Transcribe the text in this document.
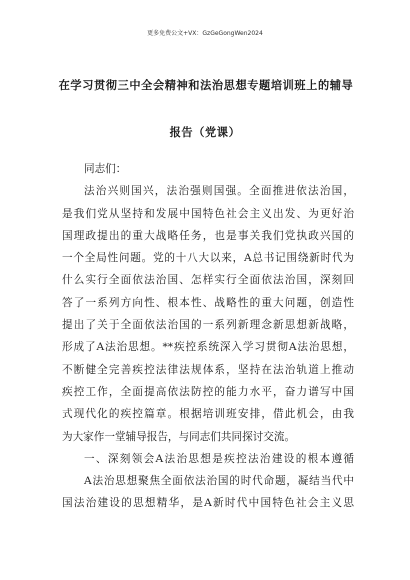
更多免费公文+VX：GzGeGongWen2024
在学习贯彻三中全会精神和法治思想专题培训班上的辅导
报告（党课）
同志们：
法治兴则国兴，法治强则国强。全面推进依法治国，
是我们党从坚持和发展中国特色社会主义出发、为更好治
国理政提出的重大战略任务，也是事关我们党执政兴国的
一个全局性问题。党的十八大以来，A总书记围绕新时代为
什么实行全面依法治国、怎样实行全面依法治国，深刻回
答了一系列方向性、根本性、战略性的重大问题，创造性
提出了关于全面依法治国的一系列新理念新思想新战略，
形成了A法治思想。**疾控系统深入学习贯彻A法治思想，
不断健全完善疾控法律法规体系，坚持在法治轨道上推动
疾控工作，全面提高依法防控的能力水平，奋力谱写中国
式现代化的疾控篇章。根据培训班安排，借此机会，由我
为大家作一堂辅导报告，与同志们共同探讨交流。
一、深刻领会A法治思想是疾控法治建设的根本遵循
A法治思想聚焦全面依法治国的时代命题，凝结当代中
国法治建设的思想精华，是A新时代中国特色社会主义思
